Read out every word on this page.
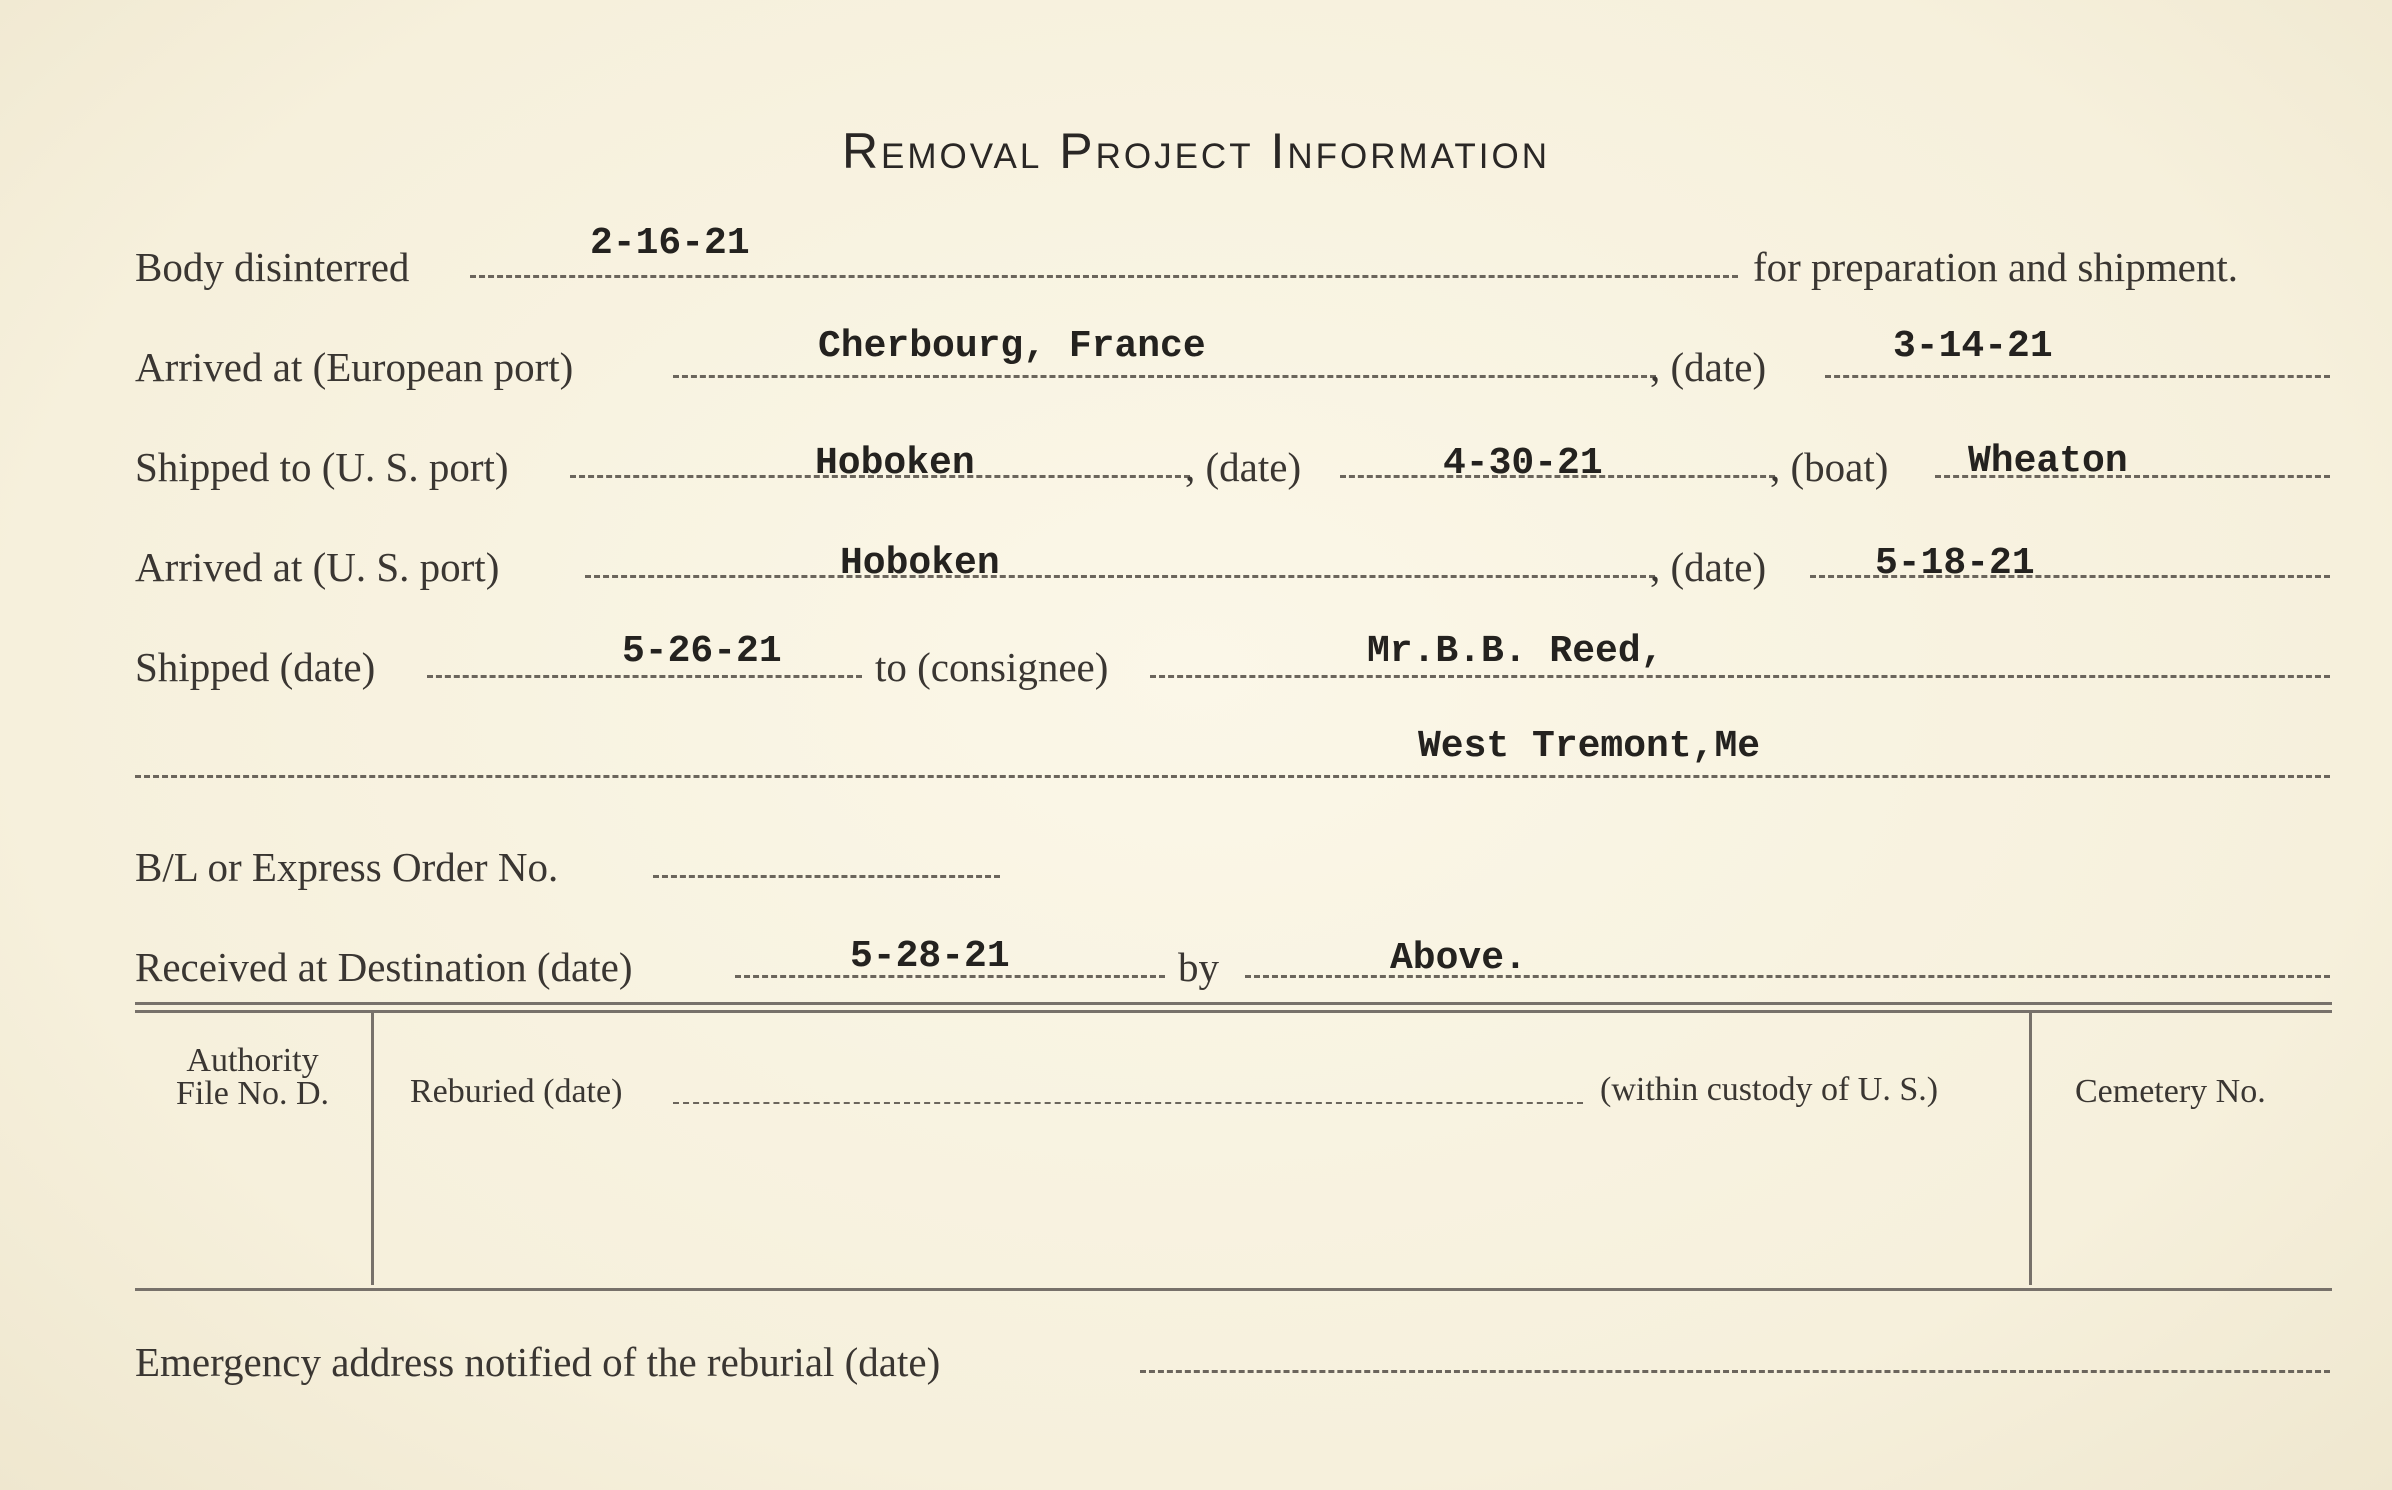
Removal Project Information
Body disinterred
2-16-21
for preparation and shipment.
Arrived at (European port)	Cherbourg, France	, (date)	3-14-21
Shipped to (U. S. port)	Hoboken	, (date)	4-30-21	, (boat) Wheaton
Arrived at (U. S. port)	Hoboken	, (date)	5-18-21
Shipped (date)	5-26-21 to (consignee)	Mr.B.B. Reed,
West Tremont,Me
B/L or Express Order No.
Received at Destination (date)	5-28-21	by	Above.
Authority
File No. D.	Reburied (date)	(within custody of U. S.)	Cemetery No.
Emergency address notified of the reburial (date)
